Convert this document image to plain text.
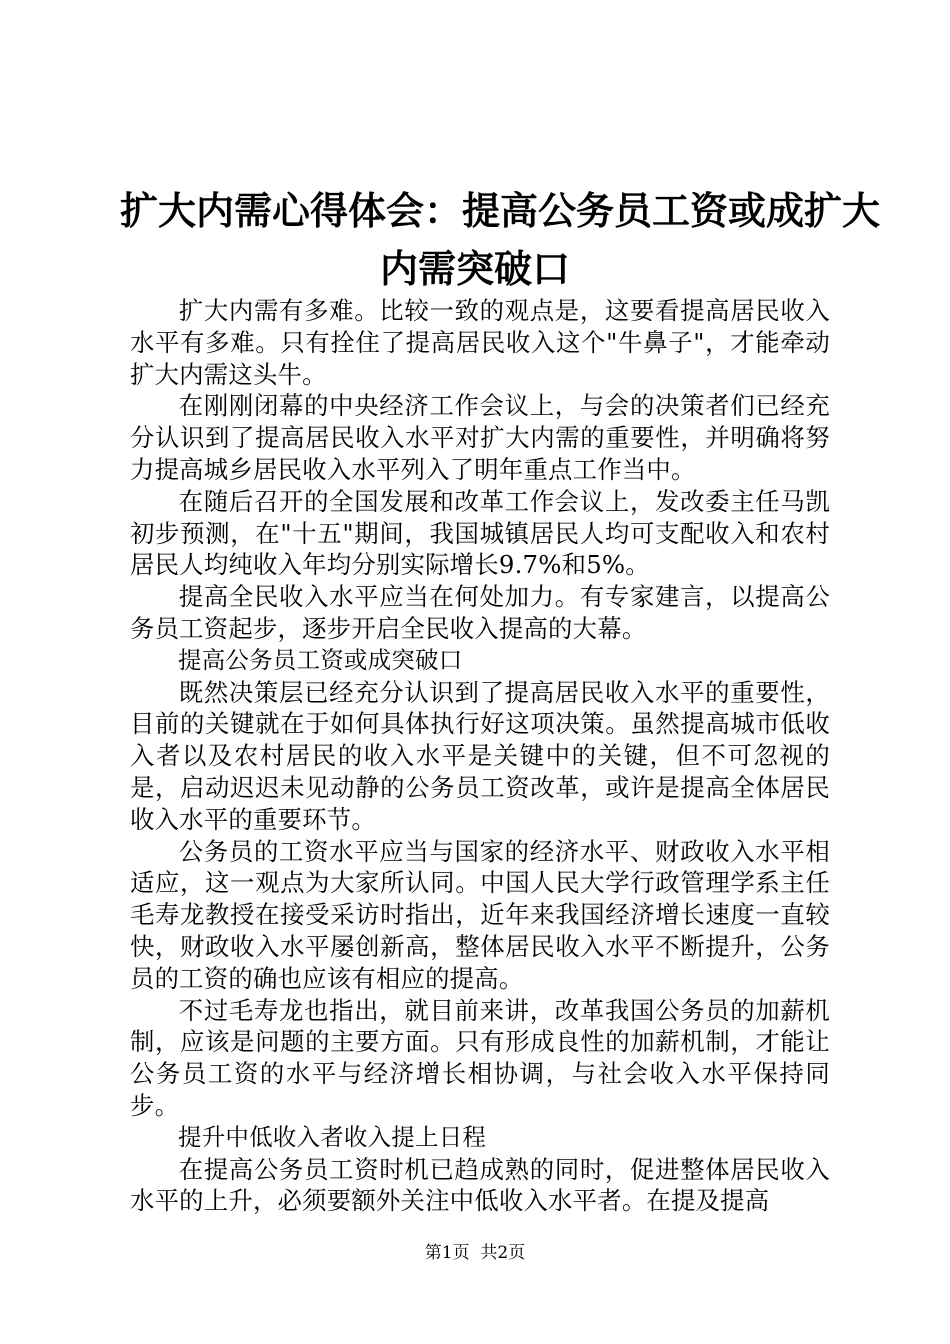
扩大内需心得体会：提高公务员工资或成扩大
内需突破口

扩大内需有多难。比较一致的观点是，这要看提高居民收入水平有多难。只有拴住了提高居民收入这个"牛鼻子"，才能牵动扩大内需这头牛。

在刚刚闭幕的中央经济工作会议上，与会的决策者们已经充分认识到了提高居民收入水平对扩大内需的重要性，并明确将努力提高城乡居民收入水平列入了明年重点工作当中。

在随后召开的全国发展和改革工作会议上，发改委主任马凯初步预测，在"十五"期间，我国城镇居民人均可支配收入和农村居民人均纯收入年均分别实际增长9.7%和5%。

提高全民收入水平应当在何处加力。有专家建言，以提高公务员工资起步，逐步开启全民收入提高的大幕。

提高公务员工资或成突破口

既然决策层已经充分认识到了提高居民收入水平的重要性，目前的关键就在于如何具体执行好这项决策。虽然提高城市低收入者以及农村居民的收入水平是关键中的关键，但不可忽视的是，启动迟迟未见动静的公务员工资改革，或许是提高全体居民收入水平的重要环节。

公务员的工资水平应当与国家的经济水平、财政收入水平相适应，这一观点为大家所认同。中国人民大学行政管理学系主任毛寿龙教授在接受采访时指出，近年来我国经济增长速度一直较快，财政收入水平屡创新高，整体居民收入水平不断提升，公务员的工资的确也应该有相应的提高。

不过毛寿龙也指出，就目前来讲，改革我国公务员的加薪机制，应该是问题的主要方面。只有形成良性的加薪机制，才能让公务员工资的水平与经济增长相协调，与社会收入水平保持同步。

提升中低收入者收入提上日程

在提高公务员工资时机已趋成熟的同时，促进整体居民收入水平的上升，必须要额外关注中低收入水平者。在提及提高

第1页  共2页
